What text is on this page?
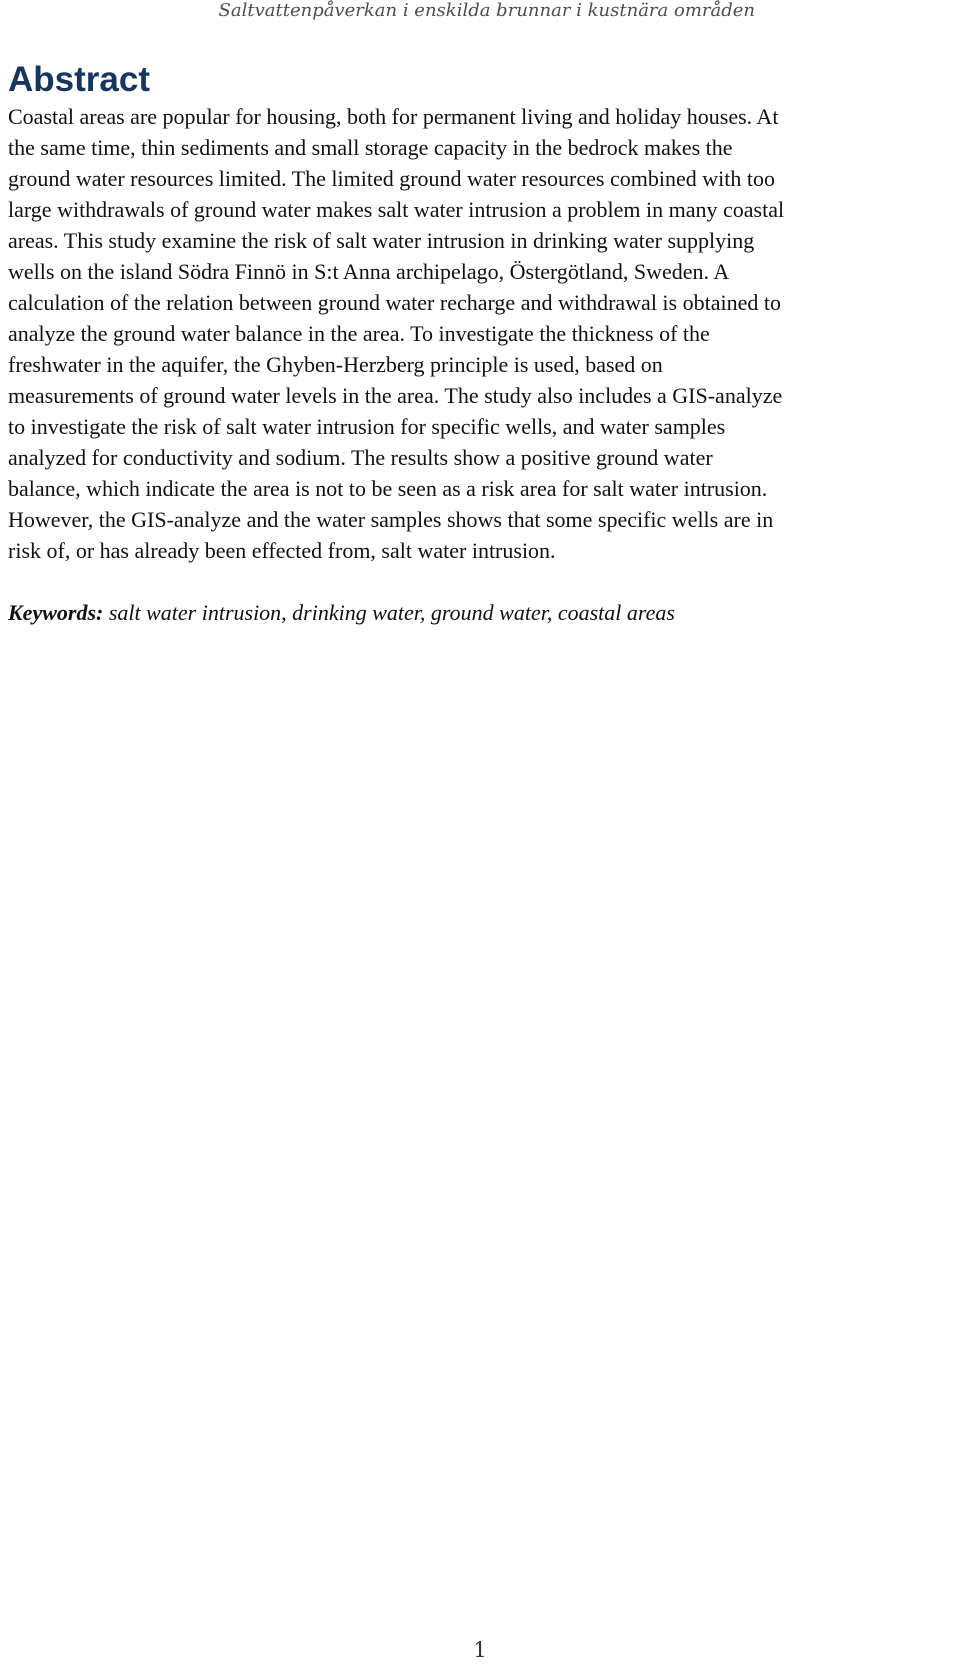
Saltvattenpåverkan i enskilda brunnar i kustnära områden
Abstract

Coastal areas are popular for housing, both for permanent living and holiday houses. At
the same time, thin sediments and small storage capacity in the bedrock makes the
ground water resources limited. The limited ground water resources combined with too
large withdrawals of ground water makes salt water intrusion a problem in many coastal
areas. This study examine the risk of salt water intrusion in drinking water supplying
wells on the island Södra Finnö in S:t Anna archipelago, Östergötland, Sweden. A
calculation of the relation between ground water recharge and withdrawal is obtained to
analyze the ground water balance in the area. To investigate the thickness of the
freshwater in the aquifer, the Ghyben-Herzberg principle is used, based on
measurements of ground water levels in the area. The study also includes a GIS-analyze
to investigate the risk of salt water intrusion for specific wells, and water samples
analyzed for conductivity and sodium. The results show a positive ground water
balance, which indicate the area is not to be seen as a risk area for salt water intrusion.
However, the GIS-analyze and the water samples shows that some specific wells are in
risk of, or has already been effected from, salt water intrusion.

Keywords: salt water intrusion, drinking water, ground water, coastal areas

1
